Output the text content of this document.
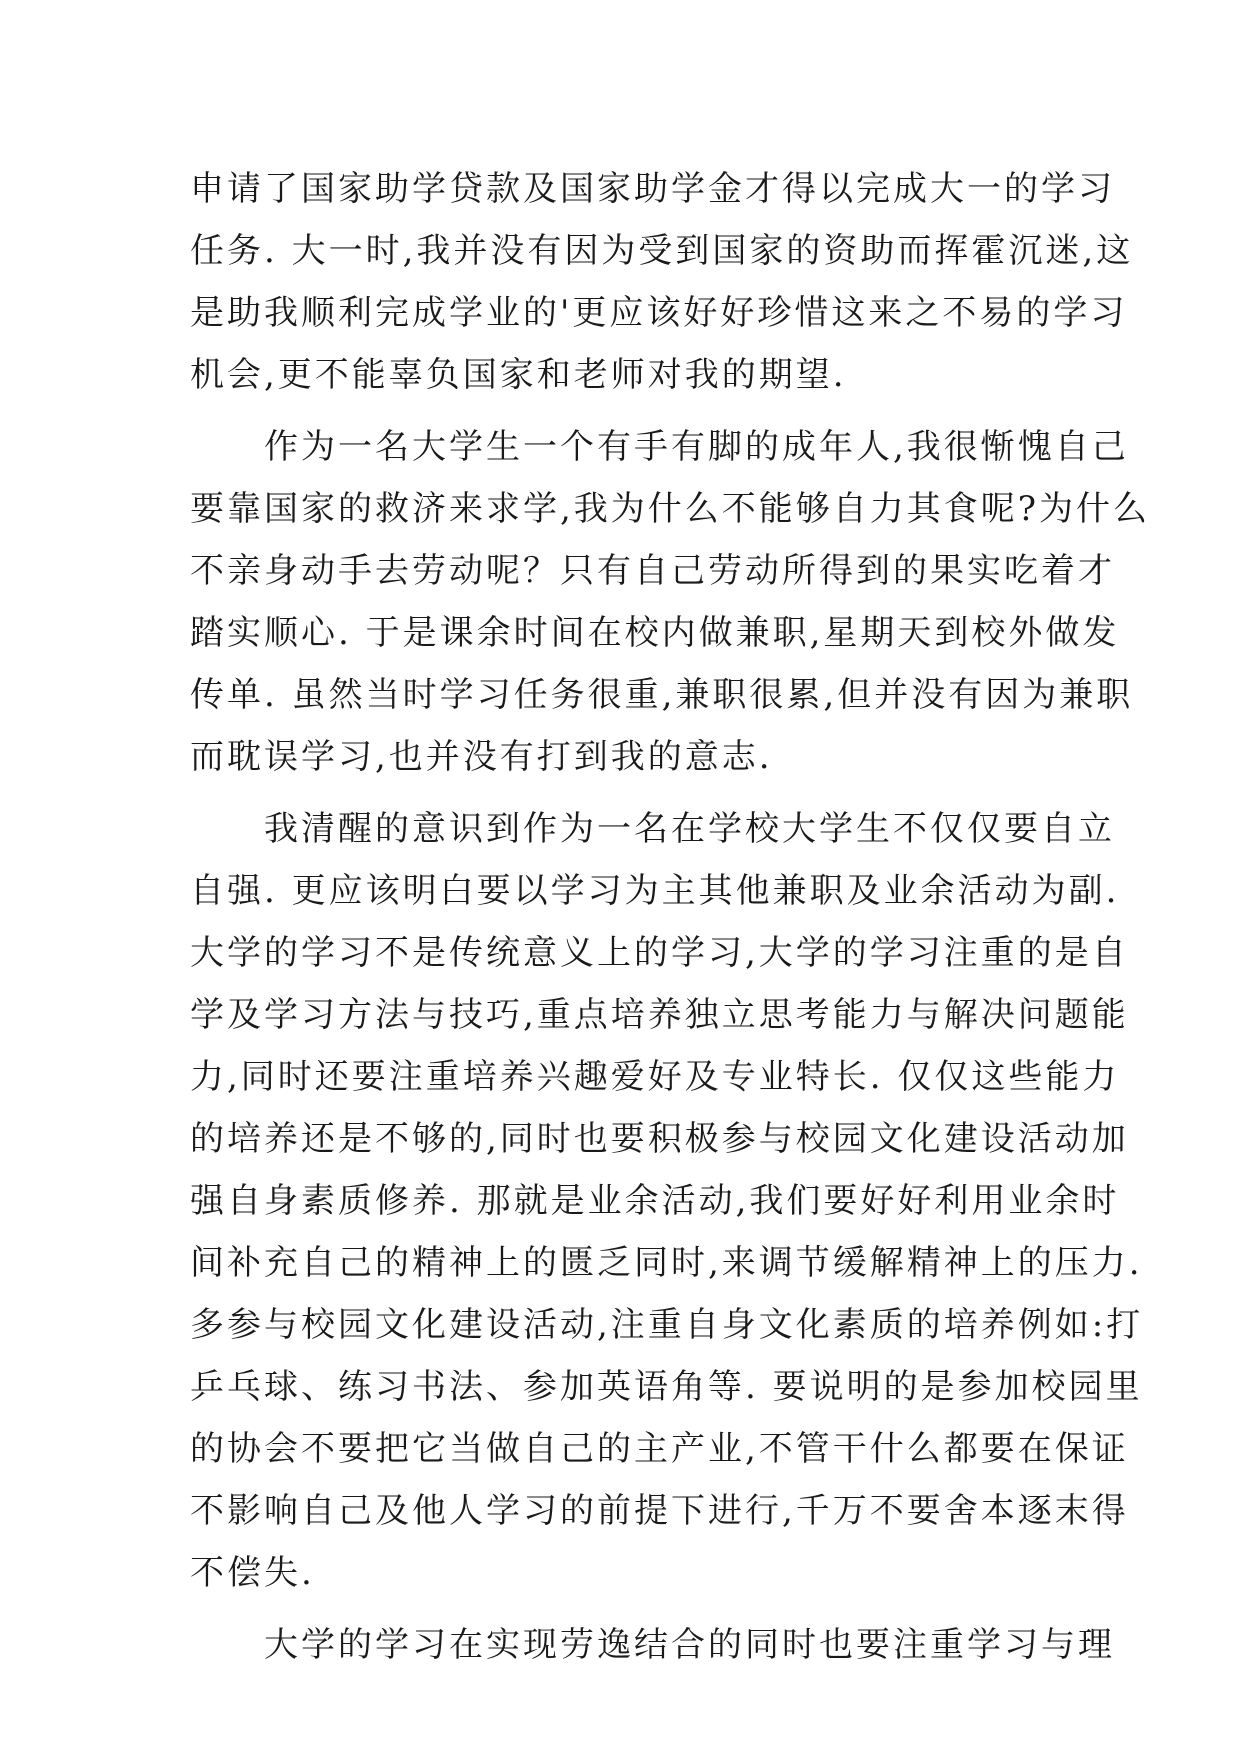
申请了国家助学贷款及国家助学金才得以完成大一的学习
任务. 大一时,我并没有因为受到国家的资助而挥霍沉迷,这
是助我顺利完成学业的'更应该好好珍惜这来之不易的学习
机会,更不能辜负国家和老师对我的期望.
　　作为一名大学生一个有手有脚的成年人,我很惭愧自己
要靠国家的救济来求学,我为什么不能够自力其食呢?为什么
不亲身动手去劳动呢？只有自己劳动所得到的果实吃着才
踏实顺心. 于是课余时间在校内做兼职,星期天到校外做发
传单. 虽然当时学习任务很重,兼职很累,但并没有因为兼职
而耽误学习,也并没有打到我的意志.
　　我清醒的意识到作为一名在学校大学生不仅仅要自立
自强. 更应该明白要以学习为主其他兼职及业余活动为副.
大学的学习不是传统意义上的学习,大学的学习注重的是自
学及学习方法与技巧,重点培养独立思考能力与解决问题能
力,同时还要注重培养兴趣爱好及专业特长. 仅仅这些能力
的培养还是不够的,同时也要积极参与校园文化建设活动加
强自身素质修养. 那就是业余活动,我们要好好利用业余时
间补充自己的精神上的匮乏同时,来调节缓解精神上的压力.
多参与校园文化建设活动,注重自身文化素质的培养例如:打
乒乓球、练习书法、参加英语角等. 要说明的是参加校园里
的协会不要把它当做自己的主产业,不管干什么都要在保证
不影响自己及他人学习的前提下进行,千万不要舍本逐末得
不偿失.
　　大学的学习在实现劳逸结合的同时也要注重学习与理
